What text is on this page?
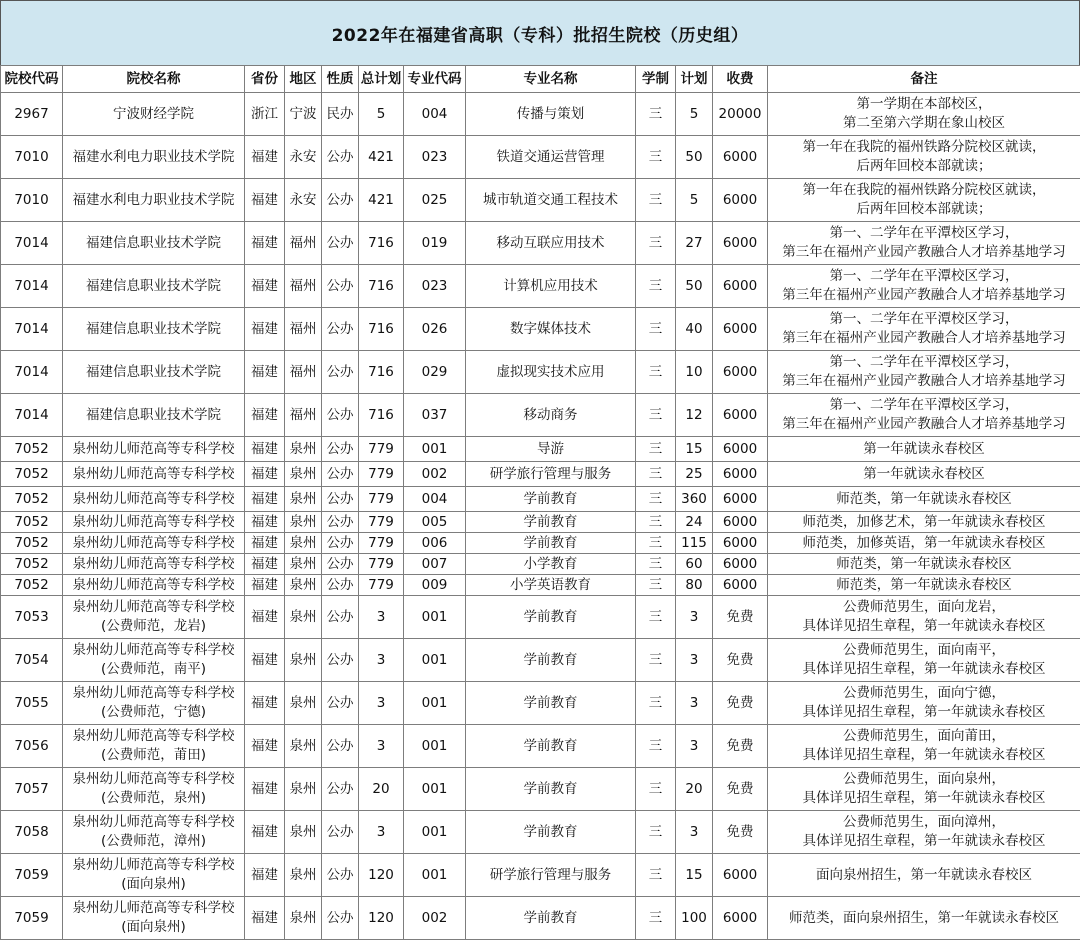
2022年在福建省高职（专科）批招生院校（历史组）
院校代码	院校名称	省份	地区	性质	总计划	专业代码	专业名称	学制	计划	收费	备注
2967	宁波财经学院	浙江	宁波	民办	5	004	传播与策划	三	5	20000	第一学期在本部校区，
第二至第六学期在象山校区
7010	福建水利电力职业技术学院	福建	永安	公办	421	023	铁道交通运营管理	三	50	6000	第一年在我院的福州铁路分院校区就读，
后两年回校本部就读；
7010	福建水利电力职业技术学院	福建	永安	公办	421	025	城市轨道交通工程技术	三	5	6000	第一年在我院的福州铁路分院校区就读，
后两年回校本部就读；
7014	福建信息职业技术学院	福建	福州	公办	716	019	移动互联应用技术	三	27	6000	第一、二学年在平潭校区学习，
第三年在福州产业园产教融合人才培养基地学习
7014	福建信息职业技术学院	福建	福州	公办	716	023	计算机应用技术	三	50	6000	第一、二学年在平潭校区学习，
第三年在福州产业园产教融合人才培养基地学习
7014	福建信息职业技术学院	福建	福州	公办	716	026	数字媒体技术	三	40	6000	第一、二学年在平潭校区学习，
第三年在福州产业园产教融合人才培养基地学习
7014	福建信息职业技术学院	福建	福州	公办	716	029	虚拟现实技术应用	三	10	6000	第一、二学年在平潭校区学习，
第三年在福州产业园产教融合人才培养基地学习
7014	福建信息职业技术学院	福建	福州	公办	716	037	移动商务	三	12	6000	第一、二学年在平潭校区学习，
第三年在福州产业园产教融合人才培养基地学习
7052	泉州幼儿师范高等专科学校	福建	泉州	公办	779	001	导游	三	15	6000	第一年就读永春校区
7052	泉州幼儿师范高等专科学校	福建	泉州	公办	779	002	研学旅行管理与服务	三	25	6000	第一年就读永春校区
7052	泉州幼儿师范高等专科学校	福建	泉州	公办	779	004	学前教育	三	360	6000	师范类，第一年就读永春校区
7052	泉州幼儿师范高等专科学校	福建	泉州	公办	779	005	学前教育	三	24	6000	师范类，加修艺术，第一年就读永春校区
7052	泉州幼儿师范高等专科学校	福建	泉州	公办	779	006	学前教育	三	115	6000	师范类，加修英语，第一年就读永春校区
7052	泉州幼儿师范高等专科学校	福建	泉州	公办	779	007	小学教育	三	60	6000	师范类，第一年就读永春校区
7052	泉州幼儿师范高等专科学校	福建	泉州	公办	779	009	小学英语教育	三	80	6000	师范类，第一年就读永春校区
7053	泉州幼儿师范高等专科学校
(公费师范，龙岩)	福建	泉州	公办	3	001	学前教育	三	3	免费	公费师范男生，面向龙岩，
具体详见招生章程，第一年就读永春校区
7054	泉州幼儿师范高等专科学校
(公费师范，南平)	福建	泉州	公办	3	001	学前教育	三	3	免费	公费师范男生，面向南平，
具体详见招生章程，第一年就读永春校区
7055	泉州幼儿师范高等专科学校
(公费师范，宁德)	福建	泉州	公办	3	001	学前教育	三	3	免费	公费师范男生，面向宁德，
具体详见招生章程，第一年就读永春校区
7056	泉州幼儿师范高等专科学校
(公费师范，莆田)	福建	泉州	公办	3	001	学前教育	三	3	免费	公费师范男生，面向莆田，
具体详见招生章程，第一年就读永春校区
7057	泉州幼儿师范高等专科学校
(公费师范，泉州)	福建	泉州	公办	20	001	学前教育	三	20	免费	公费师范男生，面向泉州，
具体详见招生章程，第一年就读永春校区
7058	泉州幼儿师范高等专科学校
(公费师范，漳州)	福建	泉州	公办	3	001	学前教育	三	3	免费	公费师范男生，面向漳州，
具体详见招生章程，第一年就读永春校区
7059	泉州幼儿师范高等专科学校
(面向泉州)	福建	泉州	公办	120	001	研学旅行管理与服务	三	15	6000	面向泉州招生，第一年就读永春校区
7059	泉州幼儿师范高等专科学校
(面向泉州)	福建	泉州	公办	120	002	学前教育	三	100	6000	师范类，面向泉州招生，第一年就读永春校区
